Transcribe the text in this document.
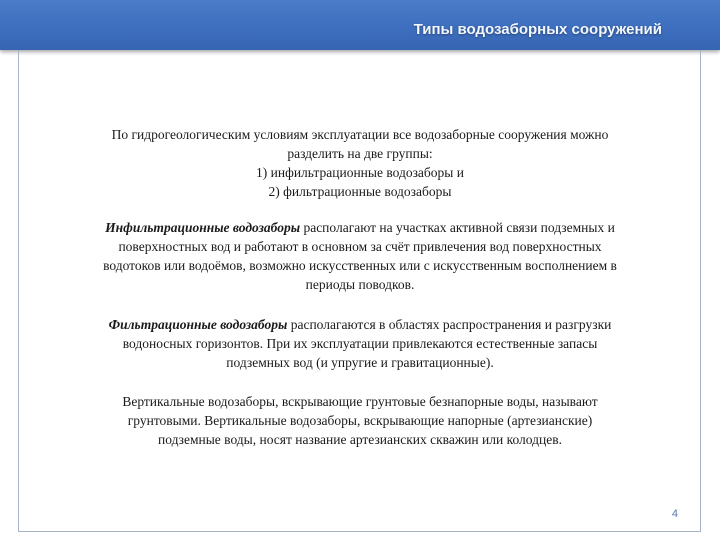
Типы водозаборных сооружений
По гидрогеологическим условиям эксплуатации все водозаборные сооружения можно
разделить на две группы:
1) инфильтрационные водозаборы и
2) фильтрационные водозаборы
Инфильтрационные водозаборы располагают на участках активной связи подземных и
поверхностных вод и работают в основном за счёт привлечения вод поверхностных
водотоков или водоёмов, возможно искусственных или с искусственным восполнением в
периоды поводков.
Фильтрационные водозаборы располагаются в областях распространения и разгрузки
водоносных горизонтов. При их эксплуатации привлекаются естественные запасы
подземных вод (и упругие и гравитационные).
Вертикальные водозаборы, вскрывающие грунтовые безнапорные воды, называют
грунтовыми. Вертикальные водозаборы, вскрывающие напорные (артезианские)
подземные воды, носят название артезианских скважин или колодцев.
4
